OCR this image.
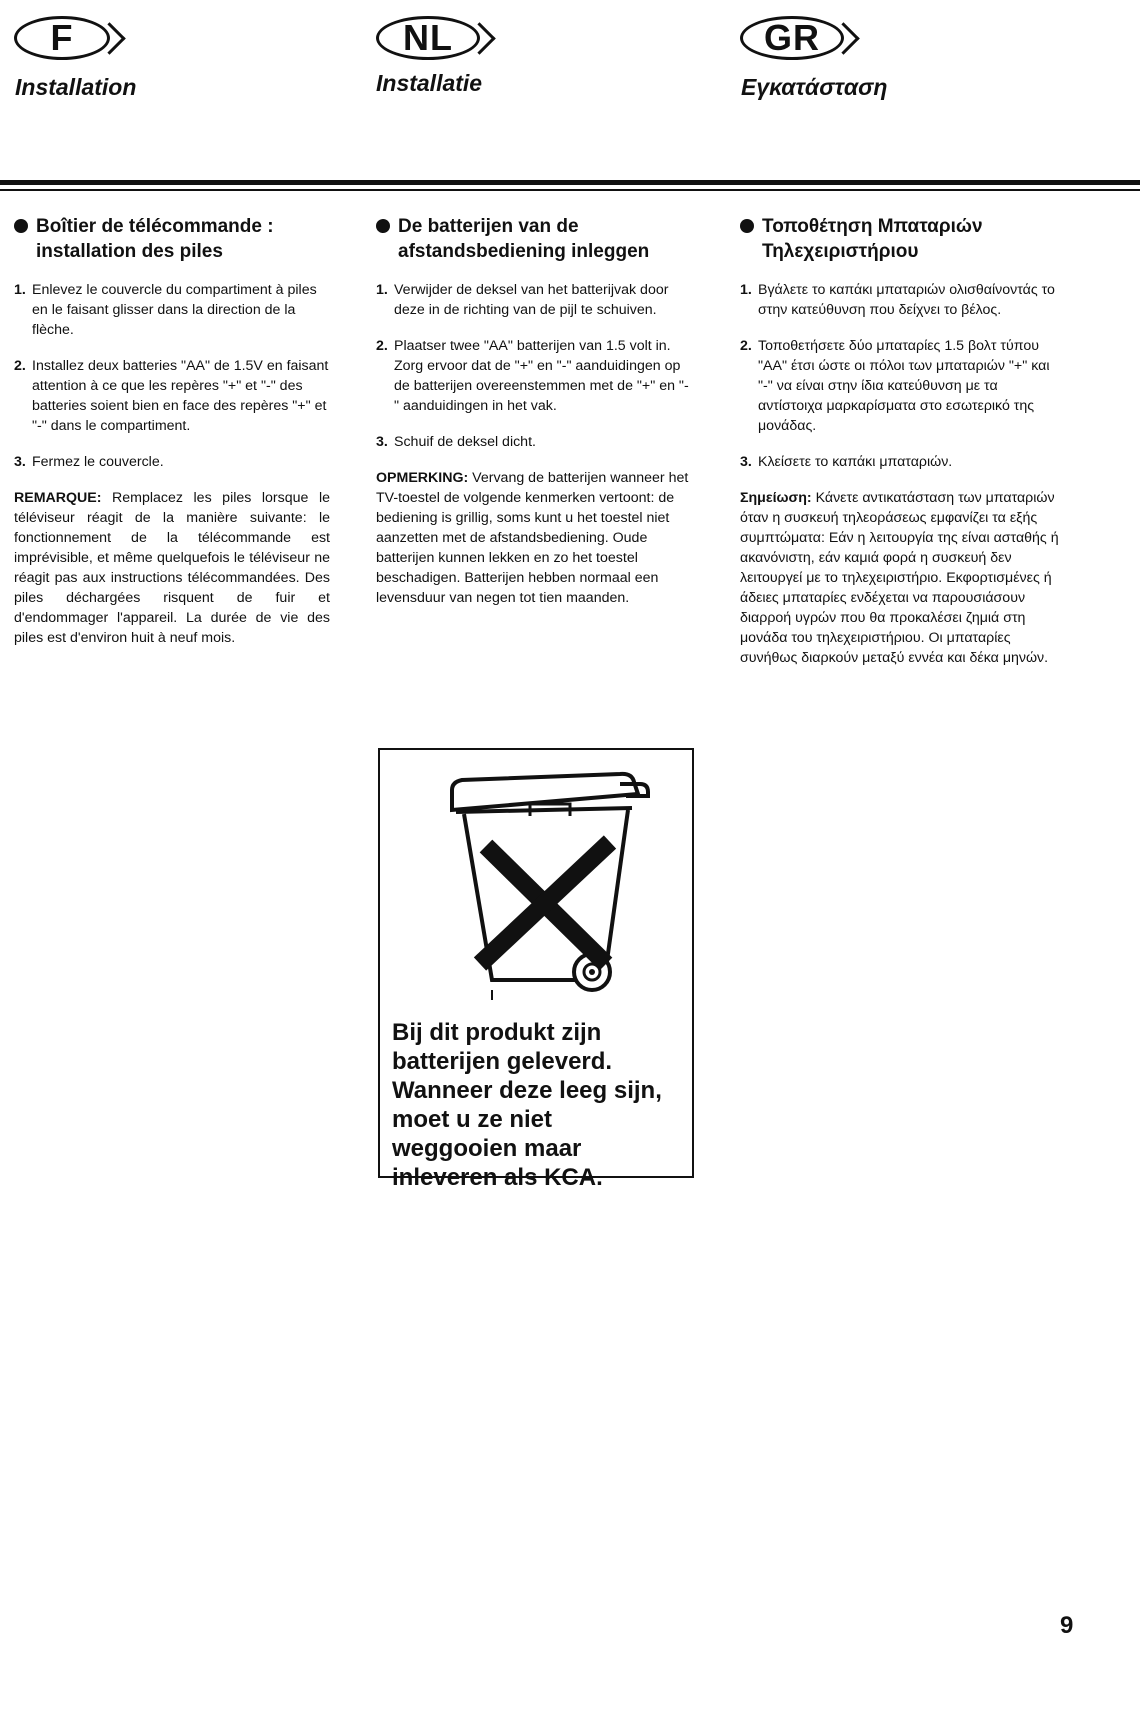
F	NL	GR
Installation	Installatie	Εγκατάσταση
Boîtier de télécommande : installation des piles
1. Enlevez le couvercle du compartiment à piles en le faisant glisser dans la direction de la flèche.
2. Installez deux batteries "AA" de 1.5V en faisant attention à ce que les repères "+" et "-" des batteries soient bien en face des repères "+" et "-" dans le compartiment.
3. Fermez le couvercle.
REMARQUE: Remplacez les piles lorsque le téléviseur réagit de la manière suivante: le fonctionnement de la télécommande est imprévisible, et même quelquefois le téléviseur ne réagit pas aux instructions télécommandées. Des piles déchargées risquent de fuir et d'endommager l'appareil. La durée de vie des piles est d'environ huit à neuf mois.
De batterijen van de afstandsbediening inleggen
1. Verwijder de deksel van het batterijvak door deze in de richting van de pijl te schuiven.
2. Plaatser twee "AA" batterijen van 1.5 volt in. Zorg ervoor dat de "+" en "-" aanduidingen op de batterijen overeenstemmen met de "+" en "-" aanduidingen in het vak.
3. Schuif de deksel dicht.
OPMERKING: Vervang de batterijen wanneer het TV-toestel de volgende kenmerken vertoont: de bediening is grillig, soms kunt u het toestel niet aanzetten met de afstandsbediening. Oude batterijen kunnen lekken en zo het toestel beschadigen. Batterijen hebben normaal een levensduur van negen tot tien maanden.
Τοποθέτηση Μπαταριών Τηλεχειριστήριου
1. Βγάλετε το καπάκι μπαταριών ολισθαίνοντάς το στην κατεύθυνση που δείχνει το βέλος.
2. Τοποθετήσετε δύο μπαταρίες 1.5 βολτ τύπου "AA" έτσι ώστε οι πόλοι των μπαταριών "+" και "-" να είναι στην ίδια κατεύθυνση με τα αντίστοιχα μαρκαρίσματα στο εσωτερικό της μονάδας.
3. Κλείσετε το καπάκι μπαταριών.
Σημείωση: Κάνετε αντικατάσταση των μπαταριών όταν η συσκευή τηλεοράσεως εμφανίζει τα εξής συμπτώματα: Εάν η λειτουργία της είναι ασταθής ή ακανόνιστη, εάν καμιά φορά η συσκευή δεν λειτουργεί με το τηλεχειριστήριο. Εκφορτισμένες ή άδειες μπαταρίες ενδέχεται να παρουσιάσουν διαρροή υγρών που θα προκαλέσει ζημιά στη μονάδα του τηλεχειριστήριου. Οι μπαταρίες συνήθως διαρκούν μεταξύ εννέα και δέκα μηνών.
Bij dit produkt zijn batterijen geleverd. Wanneer deze leeg sijn, moet u ze niet weggooien maar inleveren als KCA.
9
